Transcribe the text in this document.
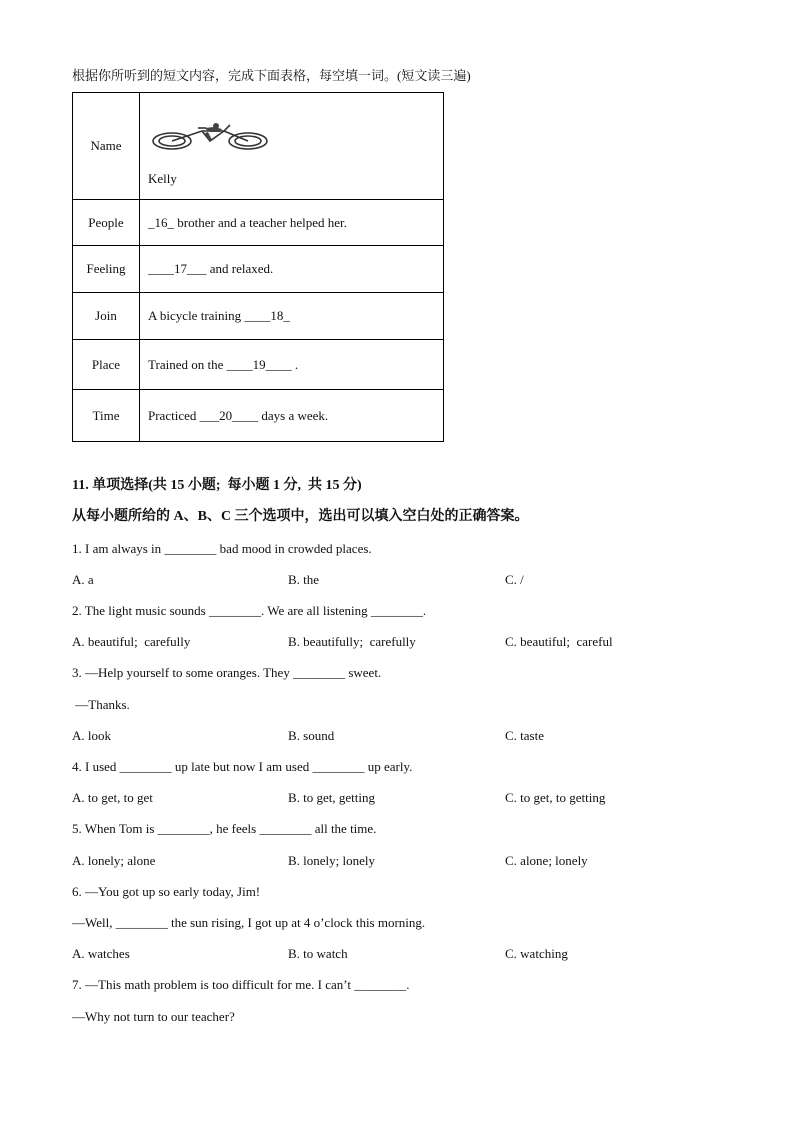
根据你所听到的短文内容，完成下面表格，每空填一词。(短文读三遍)
Name	Kelly

People	_16_ brother and a teacher helped her.
Feeling	____17___ and relaxed.
Join	A bicycle training ____18_
Place	Trained on the ____19____ .
Time	Practiced ___20____ days a week.
11. 单项选择(共 15 小题;  每小题 1 分,  共 15 分)
从每小题所给的 A、B、C 三个选项中，选出可以填入空白处的正确答案。
1. I am always in ________ bad mood in crowded places.
A. a	B. the	C. /
2. The light music sounds ________. We are all listening ________.
A. beautiful;  carefully	B. beautifully;  carefully	C. beautiful;  careful
3. —Help yourself to some oranges. They ________ sweet.
—Thanks.
A. look	B. sound	C. taste
4. I used ________ up late but now I am used ________ up early.
A. to get, to get	B. to get, getting	C. to get, to getting
5. When Tom is ________, he feels ________ all the time.
A. lonely; alone	B. lonely; lonely	C. alone; lonely
6. —You got up so early today, Jim!
—Well, ________ the sun rising, I got up at 4 o’clock this morning.
A. watches	B. to watch	C. watching
7. —This math problem is too difficult for me. I can’t ________.
—Why not turn to our teacher?
